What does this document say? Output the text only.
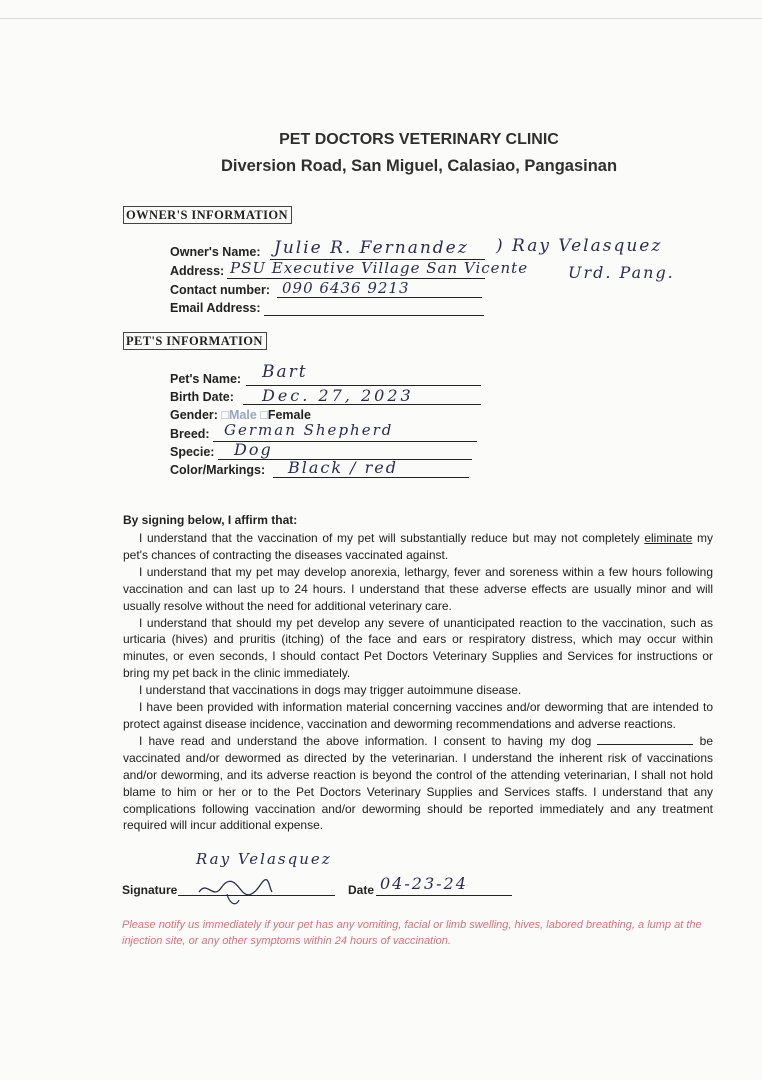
PET DOCTORS VETERINARY CLINIC
Diversion Road, San Miguel, Calasiao, Pangasinan
OWNER'S INFORMATION
Owner's Name: Julie R. Fernandez ) Ray Velasquez
Address: PSU Executive Village San Vicente Urd. Pang.
Contact number: 090 6436 9213
Email Address:
PET'S INFORMATION
Pet's Name: Bart
Birth Date: Dec. 27, 2023
Gender: □Male □Female
Breed: German Shepherd
Specie: Dog
Color/Markings: Black / red
By signing below, I affirm that:

I understand that the vaccination of my pet will substantially reduce but may not completely eliminate my pet's chances of contracting the diseases vaccinated against.

I understand that my pet may develop anorexia, lethargy, fever and soreness within a few hours following vaccination and can last up to 24 hours. I understand that these adverse effects are usually minor and will usually resolve without the need for additional veterinary care.

I understand that should my pet develop any severe of unanticipated reaction to the vaccination, such as urticaria (hives) and pruritis (itching) of the face and ears or respiratory distress, which may occur within minutes, or even seconds, I should contact Pet Doctors Veterinary Supplies and Services for instructions or bring my pet back in the clinic immediately.

I understand that vaccinations in dogs may trigger autoimmune disease.

I have been provided with information material concerning vaccines and/or deworming that are intended to protect against disease incidence, vaccination and deworming recommendations and adverse reactions.

I have read and understand the above information. I consent to having my dog	be vaccinated and/or dewormed as directed by the veterinarian. I understand the inherent risk of vaccinations and/or deworming, and its adverse reaction is beyond the control of the attending veterinarian, I shall not hold blame to him or her or to the Pet Doctors Veterinary Supplies and Services staffs. I understand that any complications following vaccination and/or deworming should be reported immediately and any treatment required will incur additional expense.

Ray Velasquez
Signature	Date 04-23-24
Please notify us immediately if your pet has any vomiting, facial or limb swelling, hives, labored breathing, a lump at the injection site, or any other symptoms within 24 hours of vaccination.
